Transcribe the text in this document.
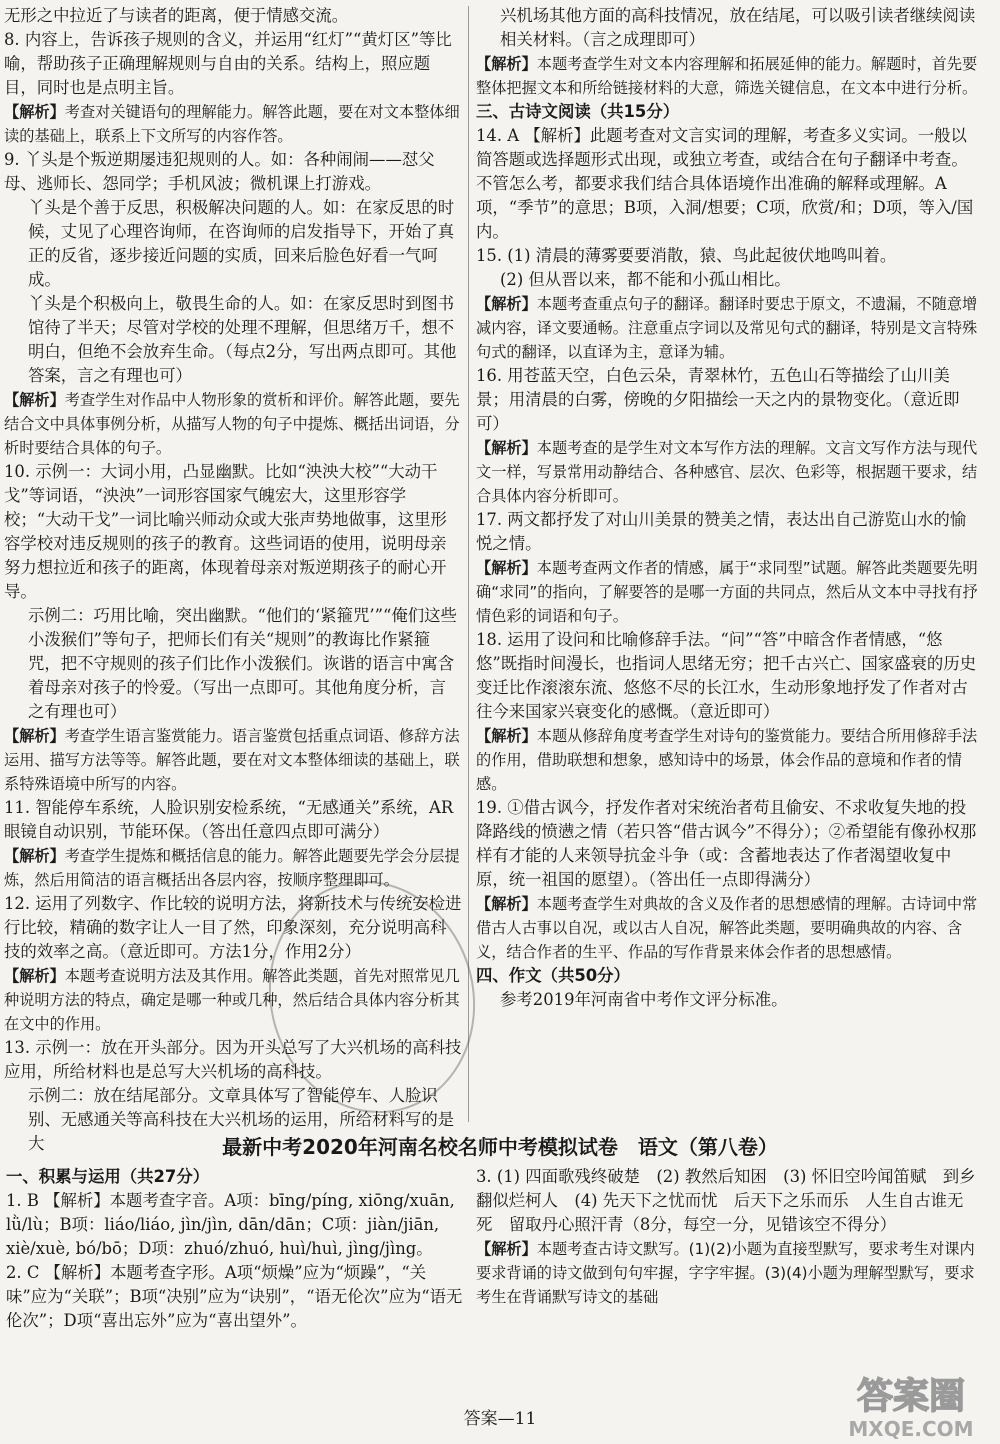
无形之中拉近了与读者的距离，便于情感交流。

8. 内容上，告诉孩子规则的含义，并运用“红灯”“黄灯区”等比喻，帮助孩子正确理解规则与自由的关系。结构上，照应题目，同时也是点明主旨。

【解析】考查对关键语句的理解能力。解答此题，要在对文本整体细读的基础上，联系上下文所写的内容作答。

9. 丫头是个叛逆期屡违犯规则的人。如：各种闹闹——怼父母、逃师长、怨同学；手机风波；微机课上打游戏。

丫头是个善于反思，积极解决问题的人。如：在家反思的时候，丈见了心理咨询师，在咨询师的启发指导下，开始了真正的反省，逐步接近问题的实质，回来后脸色好看一气呵成。

丫头是个积极向上，敬畏生命的人。如：在家反思时到图书馆待了半天；尽管对学校的处理不理解，但思绪万千，想不明白，但绝不会放弃生命。（每点2分，写出两点即可。其他答案，言之有理也可）

【解析】考查学生对作品中人物形象的赏析和评价。解答此题，要先结合文中具体事例分析，从描写人物的句子中提炼、概括出词语，分析时要结合具体的句子。

10. 示例一：大词小用，凸显幽默。比如“泱泱大校”“大动干戈”等词语，“泱泱”一词形容国家气魄宏大，这里形容学校；“大动干戈”一词比喻兴师动众或大张声势地做事，这里形容学校对违反规则的孩子的教育。这些词语的使用，说明母亲努力想拉近和孩子的距离，体现着母亲对叛逆期孩子的耐心开导。

示例二：巧用比喻，突出幽默。“他们的‘紧箍咒’”“俺们这些小泼猴们”等句子，把师长们有关“规则”的教诲比作紧箍咒，把不守规则的孩子们比作小泼猴们。诙谐的语言中寓含着母亲对孩子的怜爱。（写出一点即可。其他角度分析，言之有理也可）

【解析】考查学生语言鉴赏能力。语言鉴赏包括重点词语、修辞方法运用、描写方法等等。解答此题，要在对文本整体细读的基础上，联系特殊语境中所写的内容。

11. 智能停车系统，人脸识别安检系统，“无感通关”系统，AR眼镜自动识别，节能环保。（答出任意四点即可满分）

【解析】考查学生提炼和概括信息的能力。解答此题要先学会分层提炼，然后用简洁的语言概括出各层内容，按顺序整理即可。

12. 运用了列数字、作比较的说明方法，将新技术与传统安检进行比较，精确的数字让人一目了然，印象深刻，充分说明高科技的效率之高。（意近即可。方法1分，作用2分）

【解析】本题考查说明方法及其作用。解答此类题，首先对照常见几种说明方法的特点，确定是哪一种或几种，然后结合具体内容分析其在文中的作用。

13. 示例一：放在开头部分。因为开头总写了大兴机场的高科技应用，所给材料也是总写大兴机场的高科技。

示例二：放在结尾部分。文章具体写了智能停车、人脸识别、无感通关等高科技在大兴机场的运用，所给材料写的是大

兴机场其他方面的高科技情况，放在结尾，可以吸引读者继续阅读相关材料。（言之成理即可）

【解析】本题考查学生对文本内容理解和拓展延伸的能力。解题时，首先要整体把握文本和所给链接材料的大意，筛选关键信息，在文本中进行分析。

三、古诗文阅读（共15分）

14. A 【解析】此题考查对文言实词的理解，考查多义实词。一般以简答题或选择题形式出现，或独立考查，或结合在句子翻译中考查。不管怎么考，都要求我们结合具体语境作出准确的解释或理解。A项，“季节”的意思；B项，入洞/想要；C项，欣赏/和；D项，等入/国内。

15. (1) 清晨的薄雾要要消散，猿、鸟此起彼伏地鸣叫着。

(2) 但从晋以来，都不能和小孤山相比。

【解析】本题考查重点句子的翻译。翻译时要忠于原文，不遗漏，不随意增减内容，译文要通畅。注意重点字词以及常见句式的翻译，特别是文言特殊句式的翻译，以直译为主，意译为辅。

16. 用苍蓝天空，白色云朵，青翠林竹，五色山石等描绘了山川美景；用清晨的白雾，傍晚的夕阳描绘一天之内的景物变化。（意近即可）

【解析】本题考查的是学生对文本写作方法的理解。文言文写作方法与现代文一样，写景常用动静结合、各种感官、层次、色彩等，根据题干要求，结合具体内容分析即可。

17. 两文都抒发了对山川美景的赞美之情，表达出自己游览山水的愉悦之情。

【解析】本题考查两文作者的情感，属于“求同型”试题。解答此类题要先明确“求同”的指向，了解要答的是哪一方面的共同点，然后从文本中寻找有抒情色彩的词语和句子。

18. 运用了设问和比喻修辞手法。“问”“答”中暗含作者情感，“悠悠”既指时间漫长，也指词人思绪无穷；把千古兴亡、国家盛衰的历史变迁比作滚滚东流、悠悠不尽的长江水，生动形象地抒发了作者对古往今来国家兴衰变化的感慨。（意近即可）

【解析】本题从修辞角度考查学生对诗句的鉴赏能力。要结合所用修辞手法的作用，借助联想和想象，感知诗中的场景，体会作品的意境和作者的情感。

19. ①借古讽今，抒发作者对宋统治者苟且偷安、不求收复失地的投降路线的愤懑之情（若只答“借古讽今”不得分）；②希望能有像孙权那样有才能的人来领导抗金斗争（或：含蓄地表达了作者渴望收复中原，统一祖国的愿望）。（答出任一点即得满分）

【解析】本题考查学生对典故的含义及作者的思想感情的理解。古诗词中常借古人古事以自况，或以古人自况，解答此类题，要明确典故的内容、含义，结合作者的生平、作品的写作背景来体会作者的思想感情。

四、作文（共50分）

参考2019年河南省中考作文评分标准。

最新中考2020年河南名校名师中考模拟试卷　语文（第八卷）

一、积累与运用（共27分）

1. B 【解析】本题考查字音。A项：bīng/píng, xiōng/xuān, lǜ/lù；B项：liáo/liáo, jìn/jìn, dān/dān；C项：jiàn/jiān, xiè/xuè, bó/bō；D项：zhuó/zhuó, huì/huì, jìng/jìng。

2. C 【解析】本题考查字形。A项“烦燥”应为“烦躁”，“关味”应为“关联”；B项“决别”应为“诀别”，“语无伦次”应为“语无伦次”；D项“喜出忘外”应为“喜出望外”。

3. (1) 四面歌残终破楚　(2) 教然后知困　(3) 怀旧空吟闻笛赋　到乡翻似烂柯人　(4) 先天下之忧而忧　后天下之乐而乐　人生自古谁无死　留取丹心照汗青（8分，每空一分，见错该空不得分）

【解析】本题考查古诗文默写。(1)(2)小题为直接型默写，要求考生对课内要求背诵的诗文做到句句牢握，字字牢握。(3)(4)小题为理解型默写，要求考生在背诵默写诗文的基础

答案—11
答案圈
MXQE.COM
